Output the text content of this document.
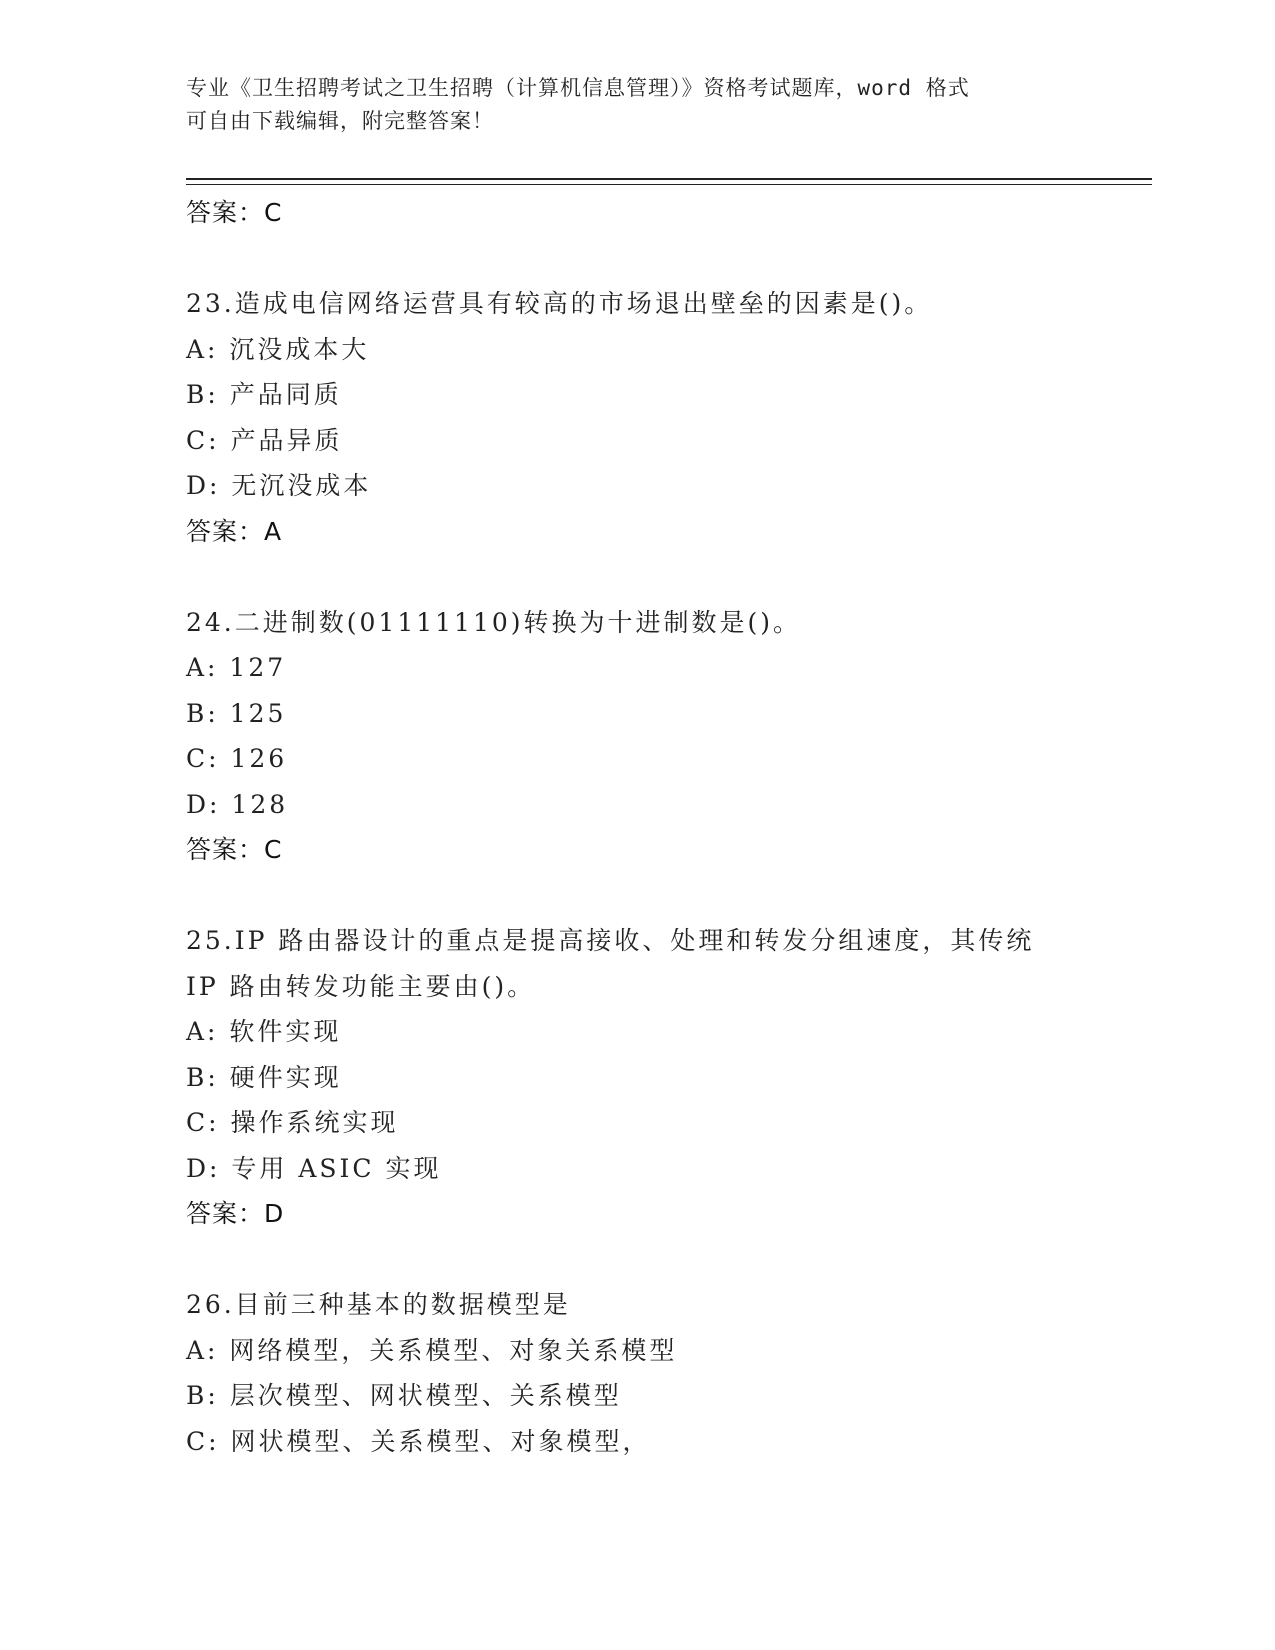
专业《卫生招聘考试之卫生招聘（计算机信息管理）》资格考试题库，word 格式
可自由下载编辑，附完整答案！
答案：C
23.造成电信网络运营具有较高的市场退出壁垒的因素是()。
A: 沉没成本大
B: 产品同质
C: 产品异质
D: 无沉没成本
答案：A
24.二进制数(01111110)转换为十进制数是()。
A: 127
B: 125
C: 126
D: 128
答案：C
25.IP 路由器设计的重点是提高接收、处理和转发分组速度，其传统
IP 路由转发功能主要由()。
A: 软件实现
B: 硬件实现
C: 操作系统实现
D: 专用 ASIC 实现
答案：D
26.目前三种基本的数据模型是
A: 网络模型，关系模型、对象关系模型
B: 层次模型、网状模型、关系模型
C: 网状模型、关系模型、对象模型，
